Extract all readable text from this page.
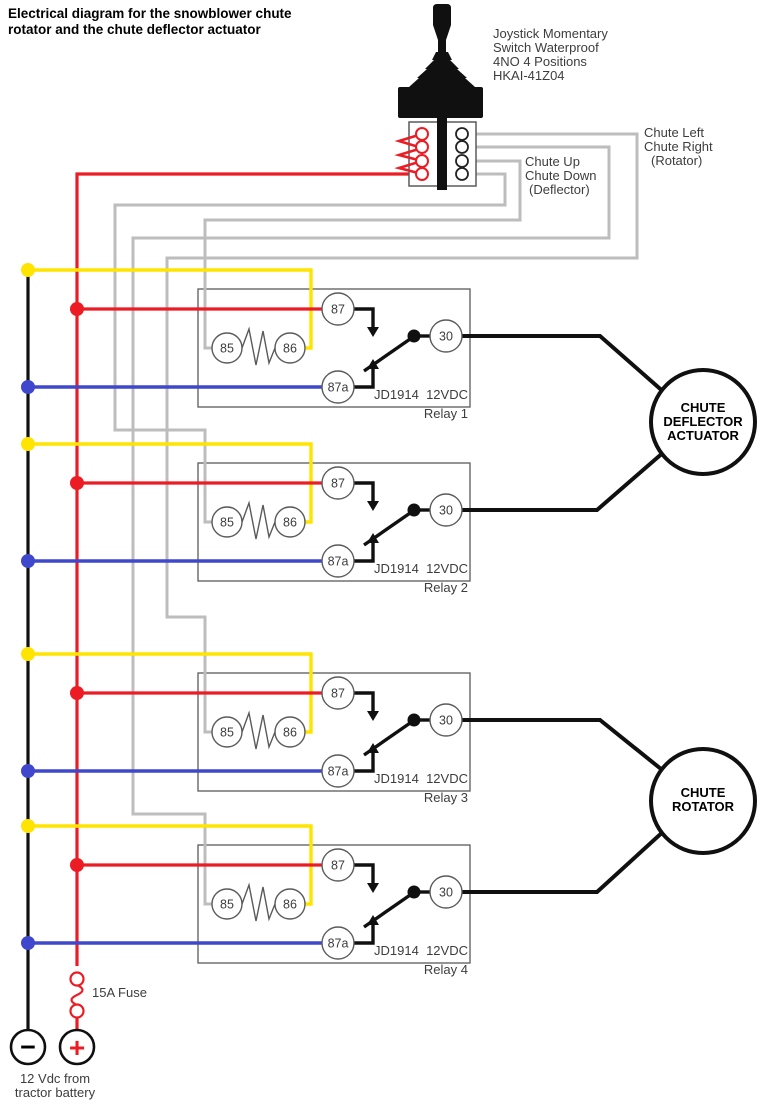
CHUTE
DEFLECTOR
ACTUATOR
CHUTE
ROTATOR
87
85	86
87a
30
JD1914  12VDC
Relay 1
87
85	86
87a
30
JD1914  12VDC
Relay 2
87
85	86
87a
30
JD1914  12VDC
Relay 3
87
85	86
87a
30
JD1914  12VDC
Relay 4
− +
Electrical diagram for the snowblower chute
rotator and the chute deflector actuator	Joystick Momentary
Switch Waterproof
4NO 4 Positions
HKAI-41Z04
Chute Left
Chute Right
(Rotator)
Chute Up
Chute Down
(Deflector)
15A Fuse
12 Vdc from
tractor battery
